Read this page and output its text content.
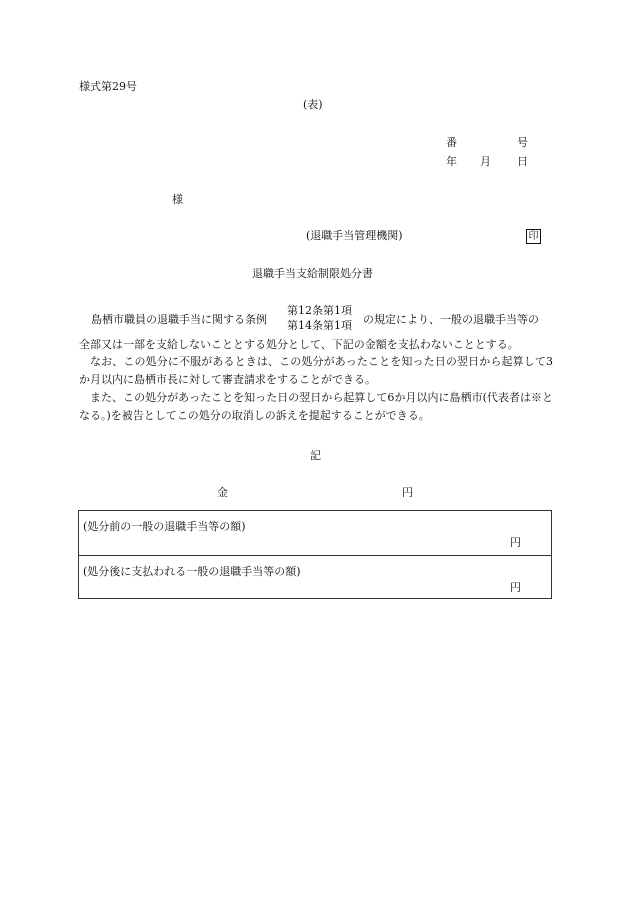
様式第29号
(表)
番	号
年 月 日
様
(退職手当管理機関)	印
退職手当支給制限処分書
島栖市職員の退職手当に関する条例
第12条第1項
第14条第1項 の規定により、一般の退職手当等の
全部又は一部を支給しないこととする処分として、下記の金額を支払わないこととする。
なお、この処分に不服があるときは、この処分があったことを知った日の翌日から起算して3か月以内に島栖市長に対して審査請求をすることができる。
また、この処分があったことを知った日の翌日から起算して6か月以内に島栖市(代表者は※となる。)を被告としてこの処分の取消しの訴えを提起することができる。
記
金	円
(処分前の一般の退職手当等の額)
円
(処分後に支払われる一般の退職手当等の額)
円
